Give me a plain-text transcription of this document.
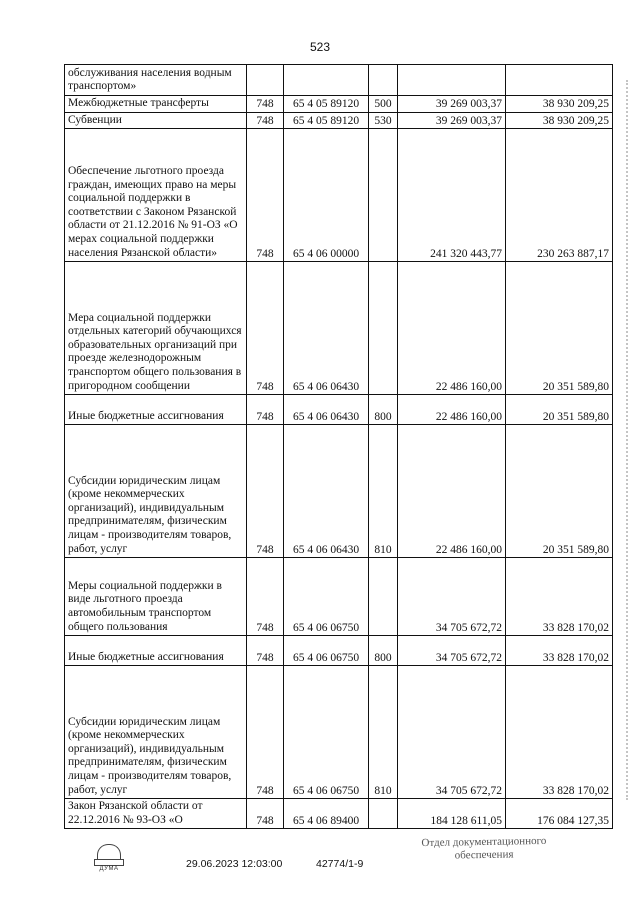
523
обслуживания населения водным транспортом»					
Межбюджетные трансферты	748	65 4 05 89120	500	39 269 003,37	38 930 209,25
Субвенции	748	65 4 05 89120	530	39 269 003,37	38 930 209,25
Обеспечение льготного проезда граждан, имеющих право на меры социальной поддержки в соответствии с Законом Рязанской области от 21.12.2016 № 91-ОЗ «О мерах социальной поддержки населения Рязанской области»	748	65 4 06 00000		241 320 443,77	230 263 887,17
Мера социальной поддержки отдельных категорий обучающихся образовательных организаций при проезде железнодорожным транспортом общего пользования в пригородном сообщении	748	65 4 06 06430		22 486 160,00	20 351 589,80
Иные бюджетные ассигнования	748	65 4 06 06430	800	22 486 160,00	20 351 589,80
Субсидии юридическим лицам (кроме некоммерческих организаций), индивидуальным предпринимателям, физическим лицам - производителям товаров, работ, услуг	748	65 4 06 06430	810	22 486 160,00	20 351 589,80
Меры социальной поддержки в виде льготного проезда автомобильным транспортом общего пользования	748	65 4 06 06750		34 705 672,72	33 828 170,02
Иные бюджетные ассигнования	748	65 4 06 06750	800	34 705 672,72	33 828 170,02
Субсидии юридическим лицам (кроме некоммерческих организаций), индивидуальным предпринимателям, физическим лицам - производителям товаров, работ, услуг	748	65 4 06 06750	810	34 705 672,72	33 828 170,02
Закон Рязанской области от 22.12.2016 № 93-ОЗ «О	748	65 4 06 89400		184 128 611,05	176 084 127,35
ДУМА	29.06.2023 12:03:00	42774/1-9
Отдел документационного
обеспечения
